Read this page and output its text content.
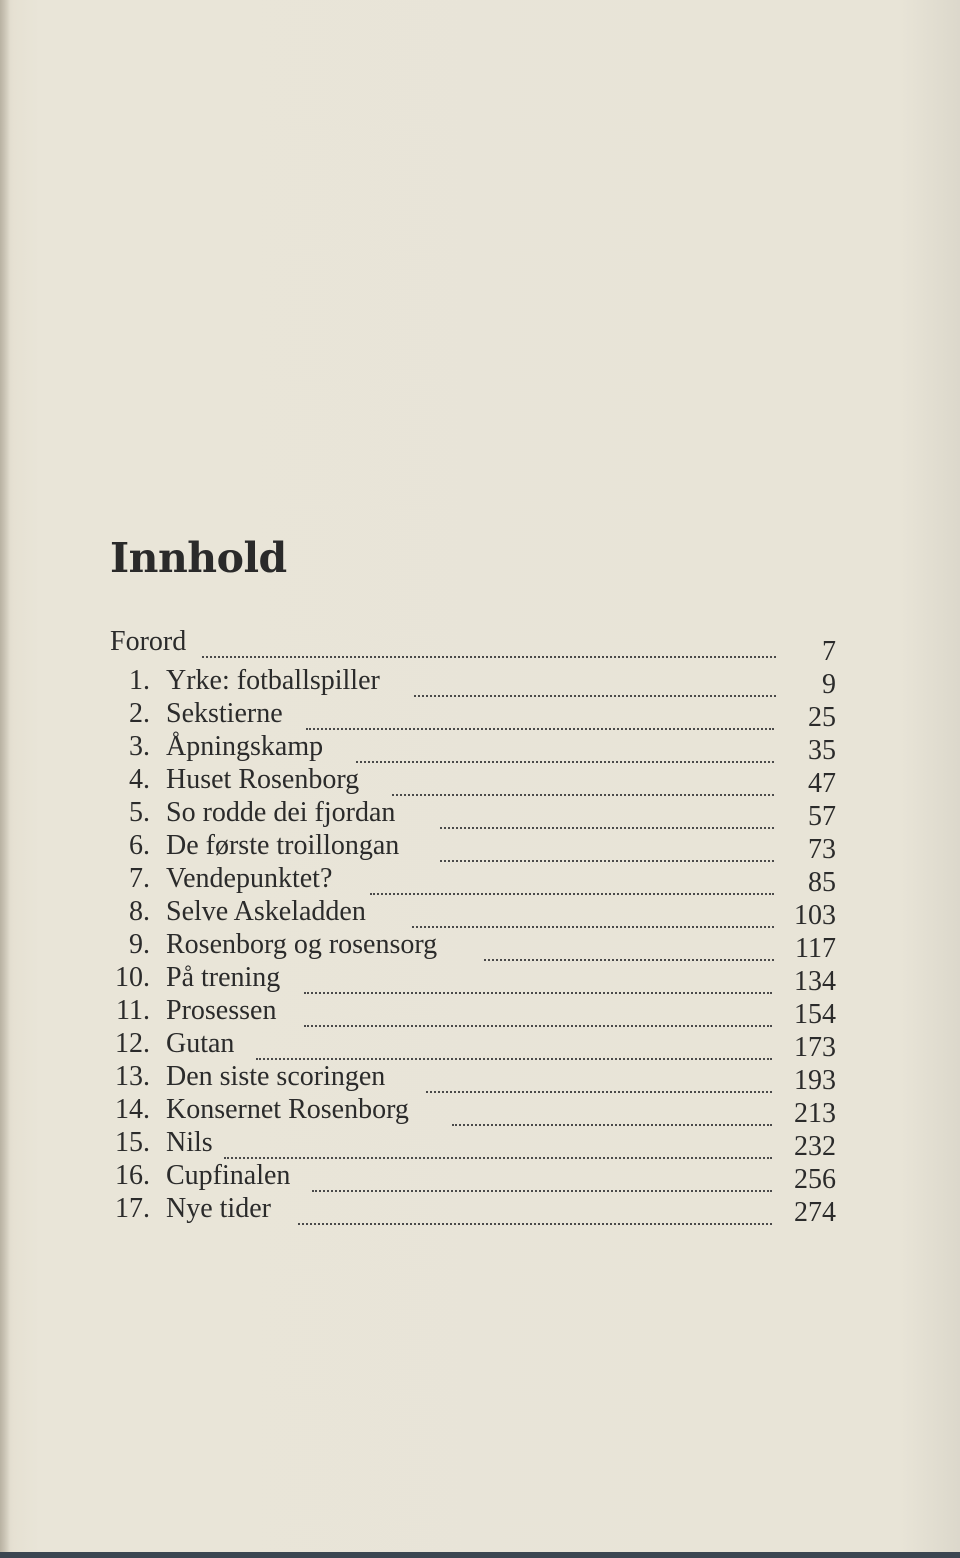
Innhold
Forord	7
1. Yrke: fotballspiller	9
2. Sekstierne	25
3. Åpningskamp	35
4. Huset Rosenborg	47
5. So rodde dei fjordan	57
6. De første troillongan	73
7. Vendepunktet?	85
8. Selve Askeladden	103
9. Rosenborg og rosensorg	117
10. På trening	134
11. Prosessen	154
12. Gutan	173
13. Den siste scoringen	193
14. Konsernet Rosenborg	213
15. Nils	232
16. Cupfinalen	256
17. Nye tider	274
